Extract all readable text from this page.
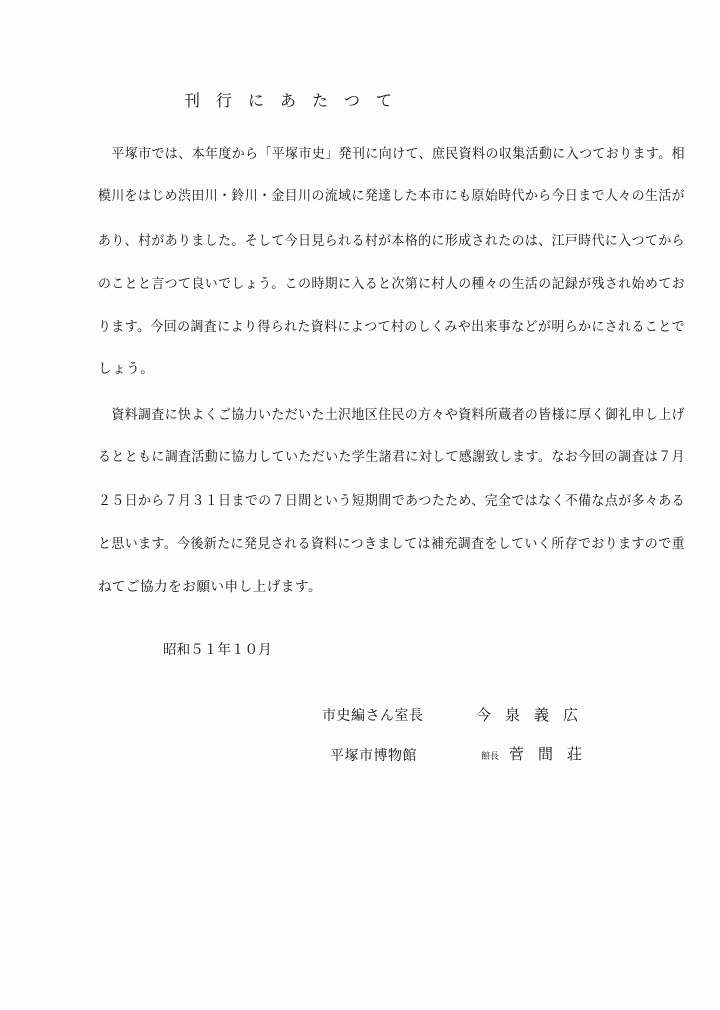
刊行にあたつて
　平塚市では、本年度から「平塚市史」発刊に向けて、庶民資料の収集活動に入つております。相
模川をはじめ渋田川・鈴川・金目川の流域に発達した本市にも原始時代から今日まで人々の生活が
あり、村がありました。そして今日見られる村が本格的に形成されたのは、江戸時代に入つてから
のことと言つて良いでしょう。この時期に入ると次第に村人の種々の生活の記録が残され始めてお
ります。今回の調査により得られた資料によつて村のしくみや出来事などが明らかにされることで
しょう。
　資料調査に快よくご協力いただいた土沢地区住民の方々や資料所蔵者の皆様に厚く御礼申し上げ
るとともに調査活動に協力していただいた学生諸君に対して感謝致します。なお今回の調査は７月
２５日から７月３１日までの７日間という短期間であつたため、完全ではなく不備な点が多々ある
と思います。今後新たに発見される資料につきましては補充調査をしていく所存でおりますので重
ねてご協力をお願い申し上げます。
昭和５１年１０月
市史編さん室長	今泉義広
平塚市博物館	館長 菅間荘
